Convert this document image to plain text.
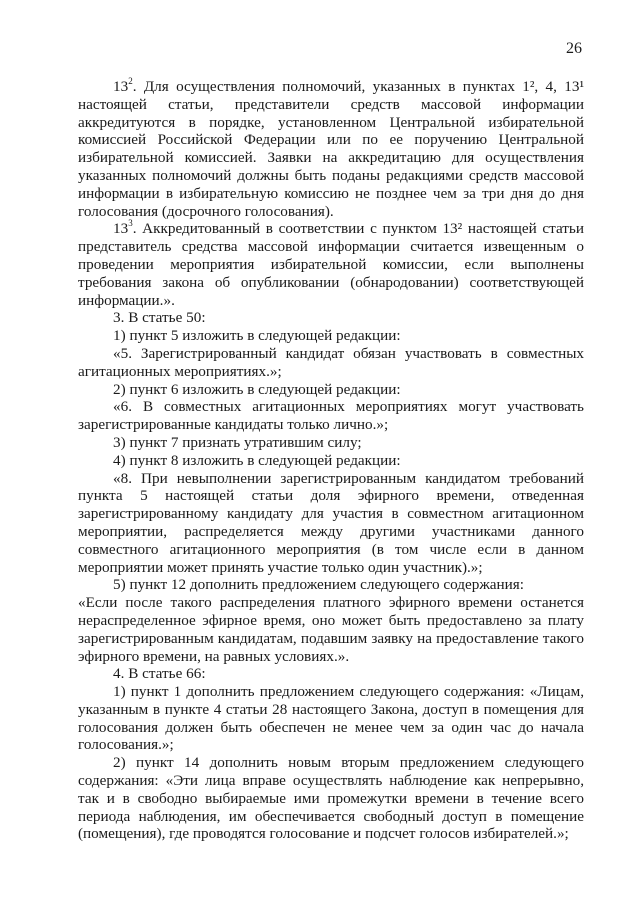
26

$13^2$. Для осуществления полномочий, указанных в пунктах 1², 4, 13¹ настоящей статьи, представители средств массовой информации аккредитуются в порядке, установленном Центральной избирательной комиссией Российской Федерации или по ее поручению Центральной избирательной комиссией. Заявки на аккредитацию для осуществления указанных полномочий должны быть поданы редакциями средств массовой информации в избирательную комиссию не позднее чем за три дня до дня голосования (досрочного голосования).

$13^3$. Аккредитованный в соответствии с пунктом 13² настоящей статьи представитель средства массовой информации считается извещенным о проведении мероприятия избирательной комиссии, если выполнены требования закона об опубликовании (обнародовании) соответствующей информации.».

3. В статье 50:

1) пункт 5 изложить в следующей редакции:

«5. Зарегистрированный кандидат обязан участвовать в совместных агитационных мероприятиях.»;

2) пункт 6 изложить в следующей редакции:

«6. В совместных агитационных мероприятиях могут участвовать зарегистрированные кандидаты только лично.»;

3) пункт 7 признать утратившим силу;

4) пункт 8 изложить в следующей редакции:

«8. При невыполнении зарегистрированным кандидатом требований пункта 5 настоящей статьи доля эфирного времени, отведенная зарегистрированному кандидату для участия в совместном агитационном мероприятии, распределяется между другими участниками данного совместного агитационного мероприятия (в том числе если в данном мероприятии может принять участие только один участник).»;

5) пункт 12 дополнить предложением следующего содержания:

«Если после такого распределения платного эфирного времени останется нераспределенное эфирное время, оно может быть предоставлено за плату зарегистрированным кандидатам, подавшим заявку на предоставление такого эфирного времени, на равных условиях.».

4. В статье 66:

1) пункт 1 дополнить предложением следующего содержания: «Лицам, указанным в пункте 4 статьи 28 настоящего Закона, доступ в помещения для голосования должен быть обеспечен не менее чем за один час до начала голосования.»;

2) пункт 14 дополнить новым вторым предложением следующего содержания: «Эти лица вправе осуществлять наблюдение как непрерывно, так и в свободно выбираемые ими промежутки времени в течение всего периода наблюдения, им обеспечивается свободный доступ в помещение (помещения), где проводятся голосование и подсчет голосов избирателей.»;
